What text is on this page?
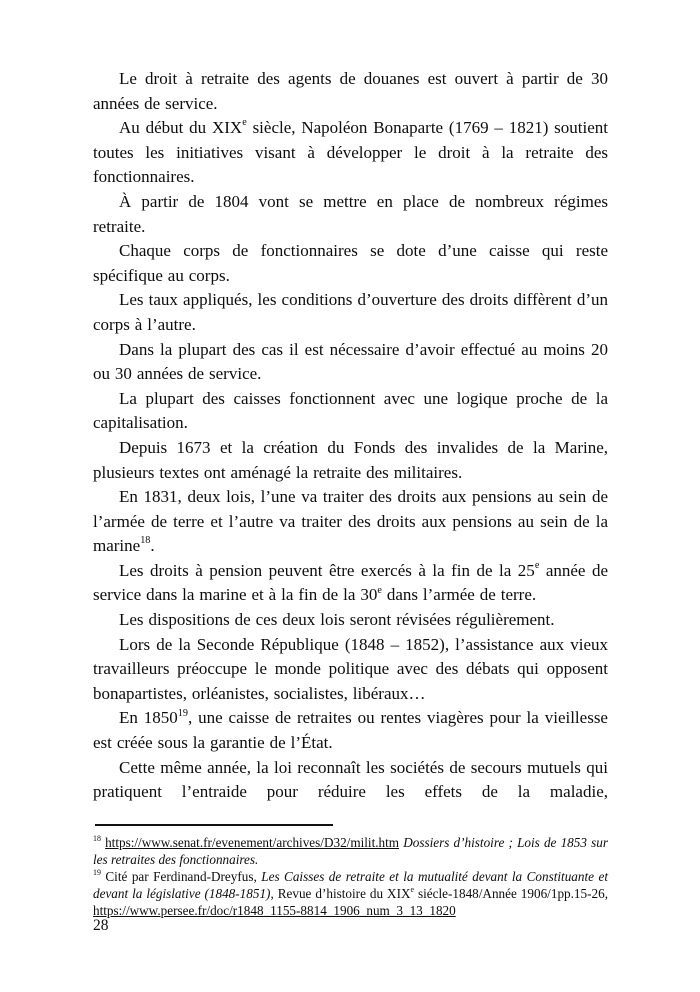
Le droit à retraite des agents de douanes est ouvert à partir de 30 années de service.

Au début du XIXe siècle, Napoléon Bonaparte (1769 – 1821) soutient toutes les initiatives visant à développer le droit à la retraite des fonctionnaires.

À partir de 1804 vont se mettre en place de nombreux régimes retraite.

Chaque corps de fonctionnaires se dote d’une caisse qui reste spécifique au corps.

Les taux appliqués, les conditions d’ouverture des droits diffèrent d’un corps à l’autre.

Dans la plupart des cas il est nécessaire d’avoir effectué au moins 20 ou 30 années de service.

La plupart des caisses fonctionnent avec une logique proche de la capitalisation.

Depuis 1673 et la création du Fonds des invalides de la Marine, plusieurs textes ont aménagé la retraite des militaires.

En 1831, deux lois, l’une va traiter des droits aux pensions au sein de l’armée de terre et l’autre va traiter des droits aux pensions au sein de la marine$^{18}$.

Les droits à pension peuvent être exercés à la fin de la 25e année de service dans la marine et à la fin de la 30e dans l’armée de terre.

Les dispositions de ces deux lois seront révisées régulièrement.

Lors de la Seconde République (1848 – 1852), l’assistance aux vieux travailleurs préoccupe le monde politique avec des débats qui opposent bonapartistes, orléanistes, socialistes, libéraux…

En 1850$^{19}$, une caisse de retraites ou rentes viagères pour la vieillesse est créée sous la garantie de l’État.

Cette même année, la loi reconnaît les sociétés de secours mutuels qui pratiquent l’entraide pour réduire les effets de la maladie,

$^{18}$ https://www.senat.fr/evenement/archives/D32/milit.htm Dossiers d’histoire ; Lois de 1853 sur les retraites des fonctionnaires.

$^{19}$ Cité par Ferdinand-Dreyfus, Les Caisses de retraite et la mutualité devant la Constituante et devant la législative (1848-1851), Revue d’histoire du XIXe siécle-1848/Année 1906/1pp.15-26, https://www.persee.fr/doc/r1848_1155-8814_1906_num_3_13_1820

28
